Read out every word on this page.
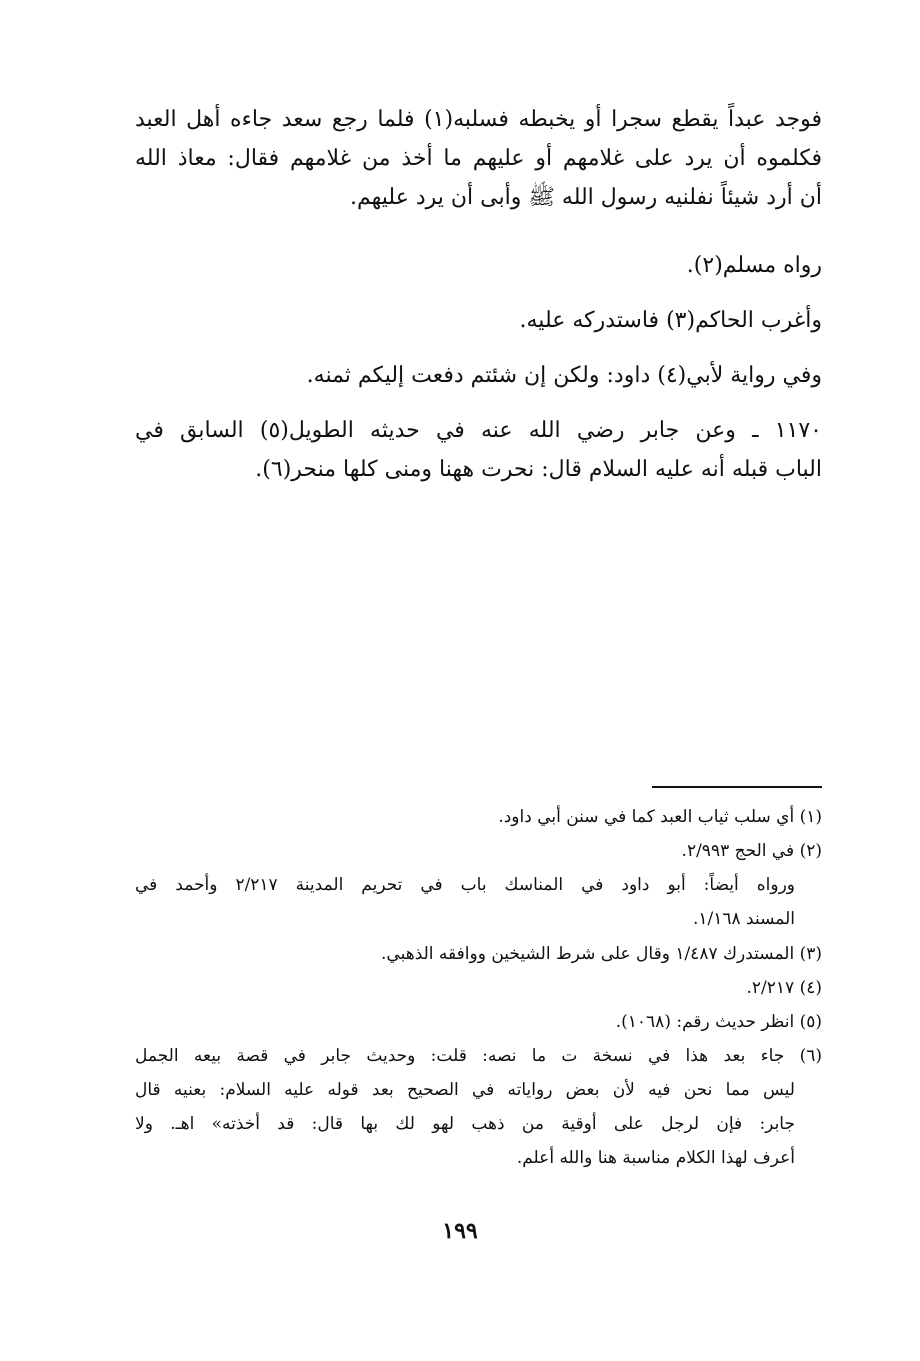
فوجد عبداً يقطع سجرا أو يخبطه فسلبه(١) فلما رجع سعد جاءه أهل العبد
فكلموه أن يرد على غلامهم أو عليهم ما أخذ من غلامهم فقال: معاذ الله
أن أرد شيئاً نفلنيه رسول الله ﷺ وأبى أن يرد عليهم.
رواه مسلم(٢).
وأغرب الحاكم(٣) فاستدركه عليه.
وفي رواية لأبي(٤) داود: ولكن إن شئتم دفعت إليكم ثمنه.
١١٧٠ ـ وعن جابر رضي الله عنه في حديثه الطويل(٥) السابق في
الباب قبله أنه عليه السلام قال: نحرت ههنا ومنى كلها منحر(٦).
(١) أي سلب ثياب العبد كما في سنن أبي داود.
(٢) في الحج ٢/٩٩٣.
ورواه أيضاً: أبو داود في المناسك باب في تحريم المدينة ٢/٢١٧ وأحمد في
المسند ١/١٦٨.
(٣) المستدرك ١/٤٨٧ وقال على شرط الشيخين ووافقه الذهبي.
(٤) ٢/٢١٧.
(٥) انظر حديث رقم: (١٠٦٨).
(٦) جاء بعد هذا في نسخة ت ما نصه: قلت: وحديث جابر في قصة بيعه الجمل
ليس مما نحن فيه لأن بعض رواياته في الصحيح بعد قوله عليه السلام: بعنيه قال
جابر: فإن لرجل على أوقية من ذهب لهو لك بها قال: قد أخذته» اهـ. ولا
أعرف لهذا الكلام مناسبة هنا والله أعلم.
١٩٩
